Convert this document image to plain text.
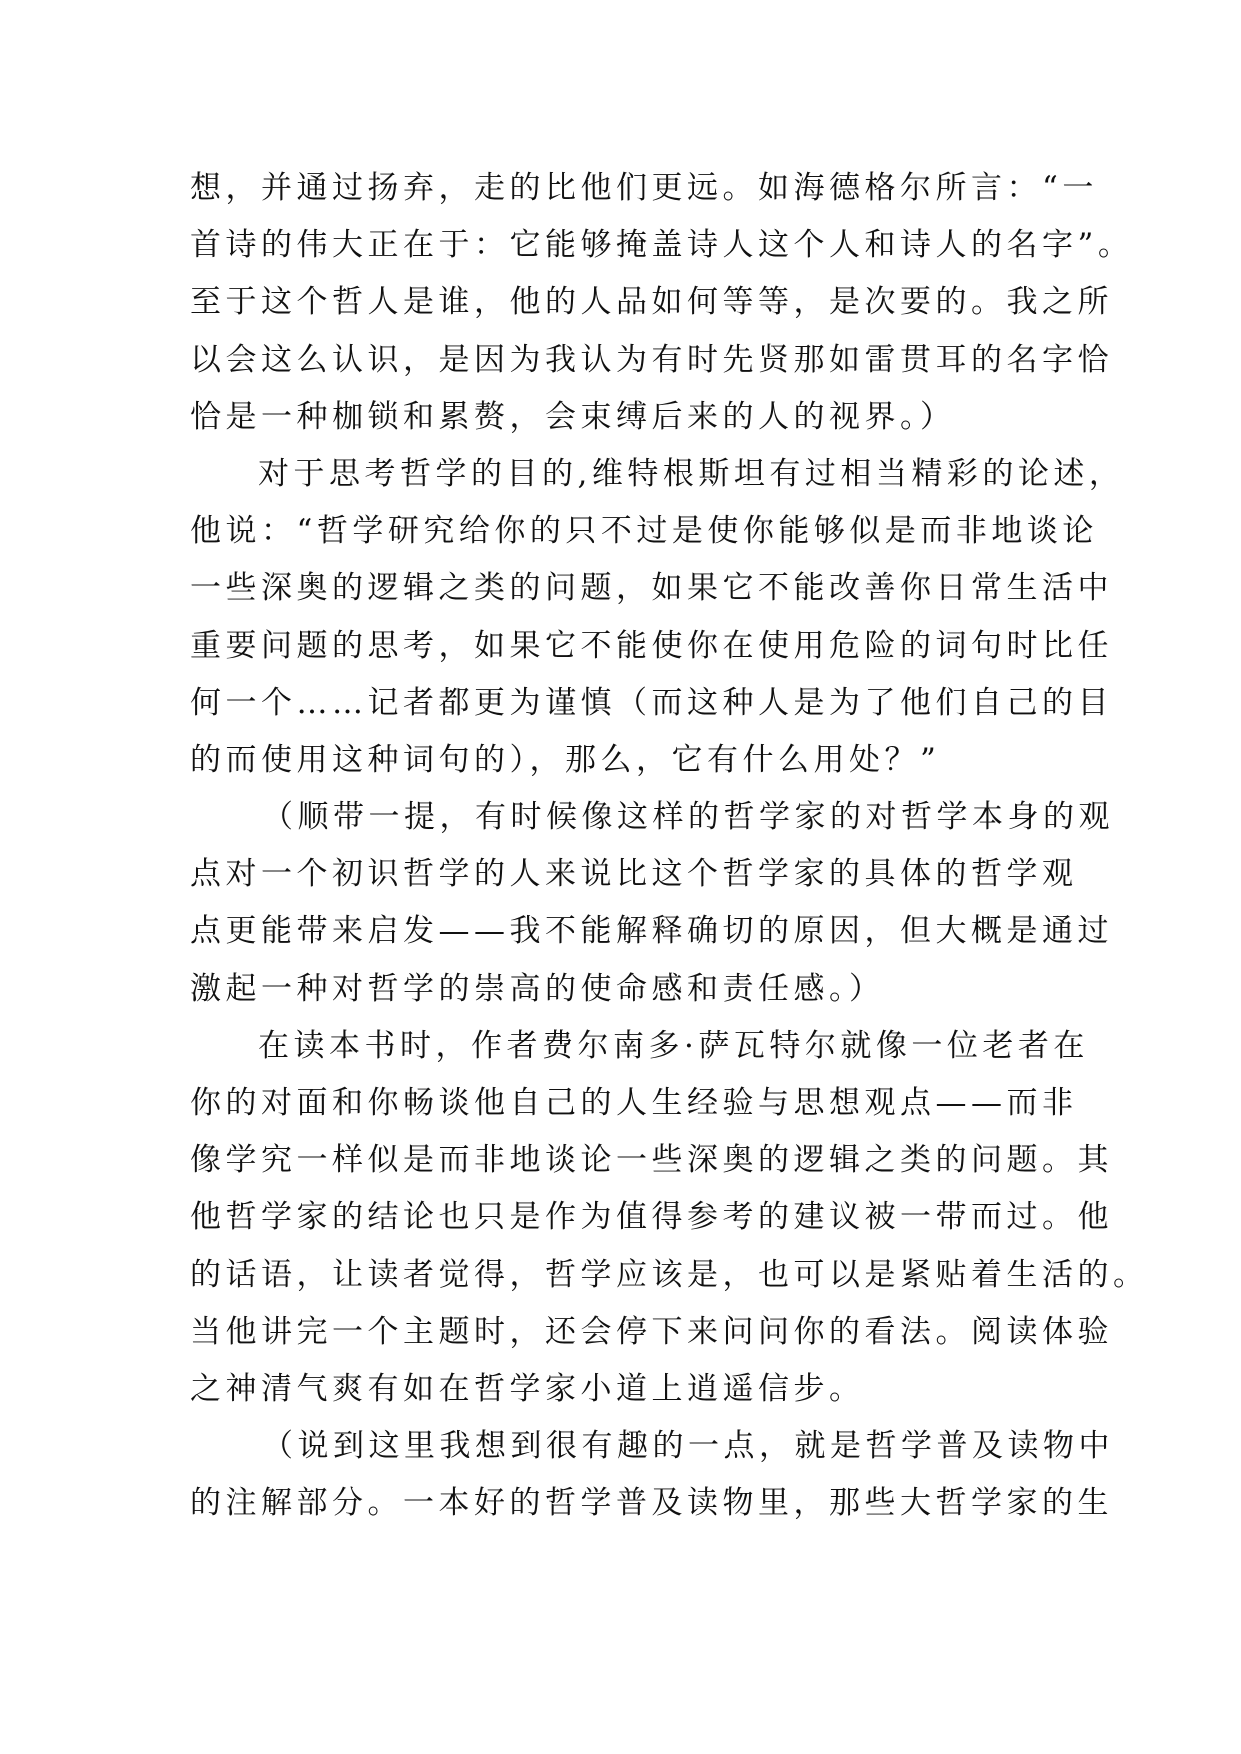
想，并通过扬弃，走的比他们更远。如海德格尔所言：“一
首诗的伟大正在于：它能够掩盖诗人这个人和诗人的名字”。
至于这个哲人是谁，他的人品如何等等，是次要的。我之所
以会这么认识，是因为我认为有时先贤那如雷贯耳的名字恰
恰是一种枷锁和累赘，会束缚后来的人的视界。）
对于思考哲学的目的,维特根斯坦有过相当精彩的论述，
他说：“哲学研究给你的只不过是使你能够似是而非地谈论
一些深奥的逻辑之类的问题，如果它不能改善你日常生活中
重要问题的思考，如果它不能使你在使用危险的词句时比任
何一个……记者都更为谨慎（而这种人是为了他们自己的目
的而使用这种词句的），那么，它有什么用处？”
（顺带一提，有时候像这样的哲学家的对哲学本身的观
点对一个初识哲学的人来说比这个哲学家的具体的哲学观
点更能带来启发——我不能解释确切的原因，但大概是通过
激起一种对哲学的崇高的使命感和责任感。）
在读本书时，作者费尔南多·萨瓦特尔就像一位老者在
你的对面和你畅谈他自己的人生经验与思想观点——而非
像学究一样似是而非地谈论一些深奥的逻辑之类的问题。其
他哲学家的结论也只是作为值得参考的建议被一带而过。他
的话语，让读者觉得，哲学应该是，也可以是紧贴着生活的。
当他讲完一个主题时，还会停下来问问你的看法。阅读体验
之神清气爽有如在哲学家小道上逍遥信步。
（说到这里我想到很有趣的一点，就是哲学普及读物中
的注解部分。一本好的哲学普及读物里，那些大哲学家的生
